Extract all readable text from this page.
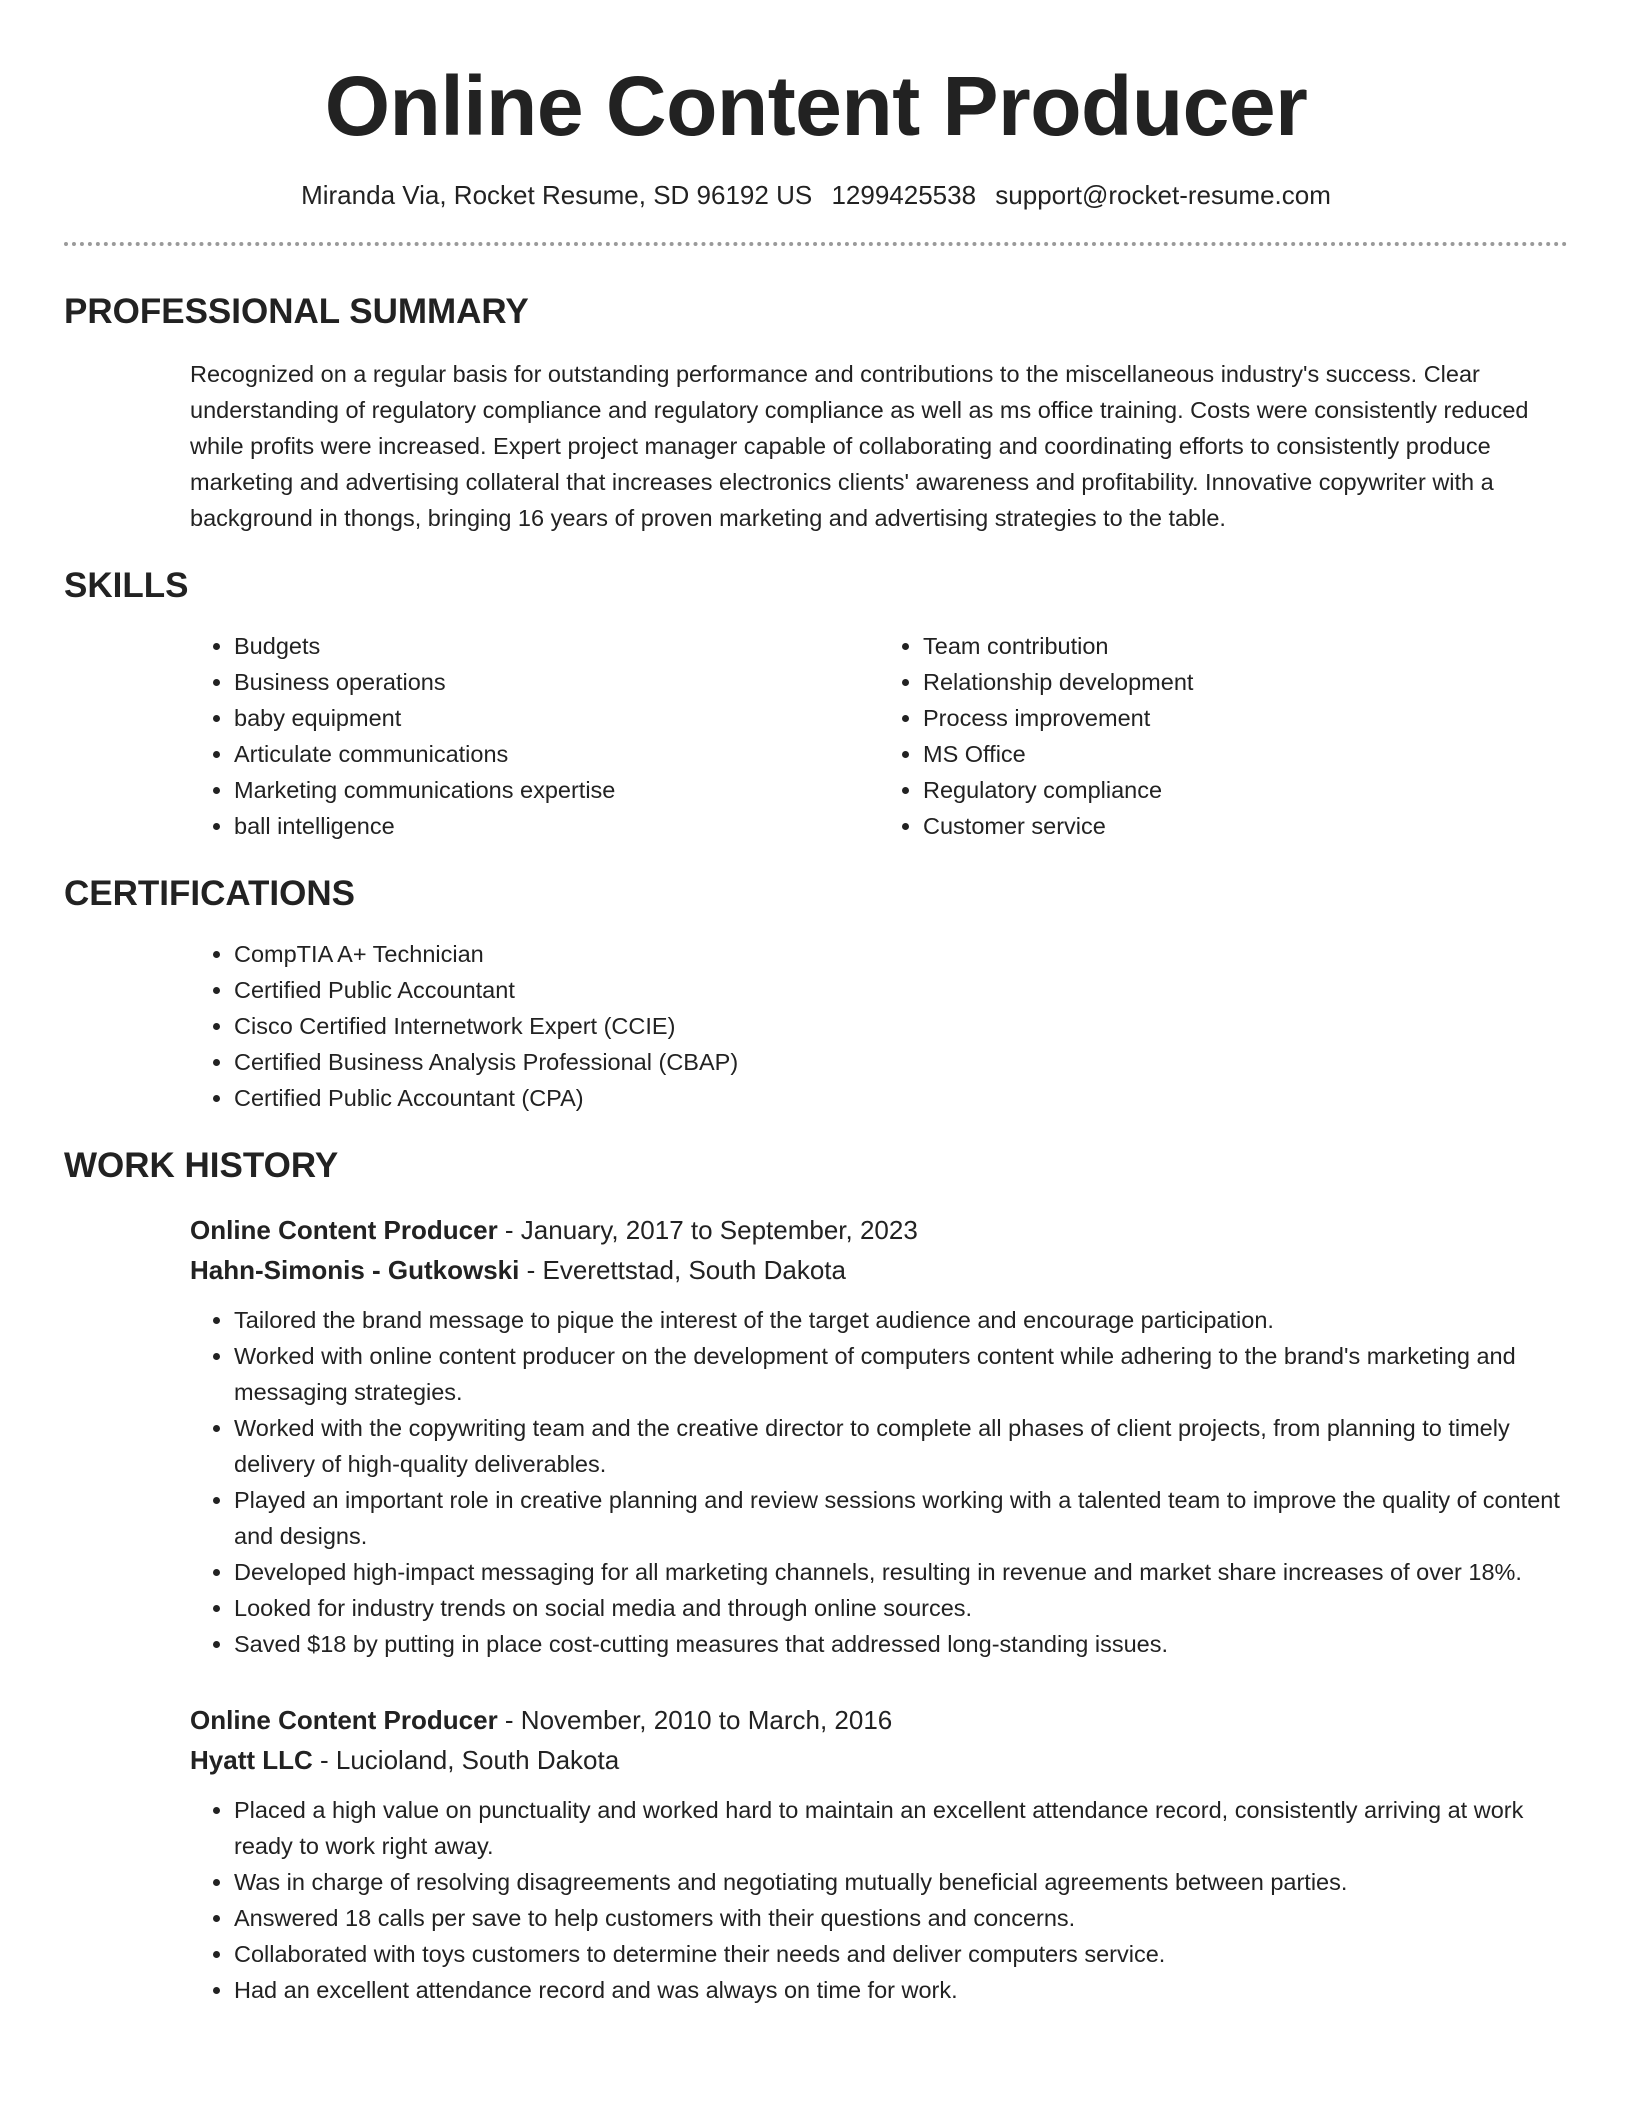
Online Content Producer
Miranda Via, Rocket Resume, SD 96192 US 1299425538 support@rocket-resume.com
PROFESSIONAL SUMMARY
Recognized on a regular basis for outstanding performance and contributions to the miscellaneous industry's success. Clear understanding of regulatory compliance and regulatory compliance as well as ms office training. Costs were consistently reduced while profits were increased. Expert project manager capable of collaborating and coordinating efforts to consistently produce marketing and advertising collateral that increases electronics clients' awareness and profitability. Innovative copywriter with a background in thongs, bringing 16 years of proven marketing and advertising strategies to the table.
SKILLS
• Budgets
• Business operations
• baby equipment
• Articulate communications
• Marketing communications expertise
• ball intelligence
• Team contribution
• Relationship development
• Process improvement
• MS Office
• Regulatory compliance
• Customer service
CERTIFICATIONS
• CompTIA A+ Technician
• Certified Public Accountant
• Cisco Certified Internetwork Expert (CCIE)
• Certified Business Analysis Professional (CBAP)
• Certified Public Accountant (CPA)
WORK HISTORY
Online Content Producer - January, 2017 to September, 2023
Hahn-Simonis - Gutkowski - Everettstad, South Dakota
• Tailored the brand message to pique the interest of the target audience and encourage participation.
• Worked with online content producer on the development of computers content while adhering to the brand's marketing and messaging strategies.
• Worked with the copywriting team and the creative director to complete all phases of client projects, from planning to timely delivery of high-quality deliverables.
• Played an important role in creative planning and review sessions working with a talented team to improve the quality of content and designs.
• Developed high-impact messaging for all marketing channels, resulting in revenue and market share increases of over 18%.
• Looked for industry trends on social media and through online sources.
• Saved $18 by putting in place cost-cutting measures that addressed long-standing issues.
Online Content Producer - November, 2010 to March, 2016
Hyatt LLC - Lucioland, South Dakota
• Placed a high value on punctuality and worked hard to maintain an excellent attendance record, consistently arriving at work ready to work right away.
• Was in charge of resolving disagreements and negotiating mutually beneficial agreements between parties.
• Answered 18 calls per save to help customers with their questions and concerns.
• Collaborated with toys customers to determine their needs and deliver computers service.
• Had an excellent attendance record and was always on time for work.
